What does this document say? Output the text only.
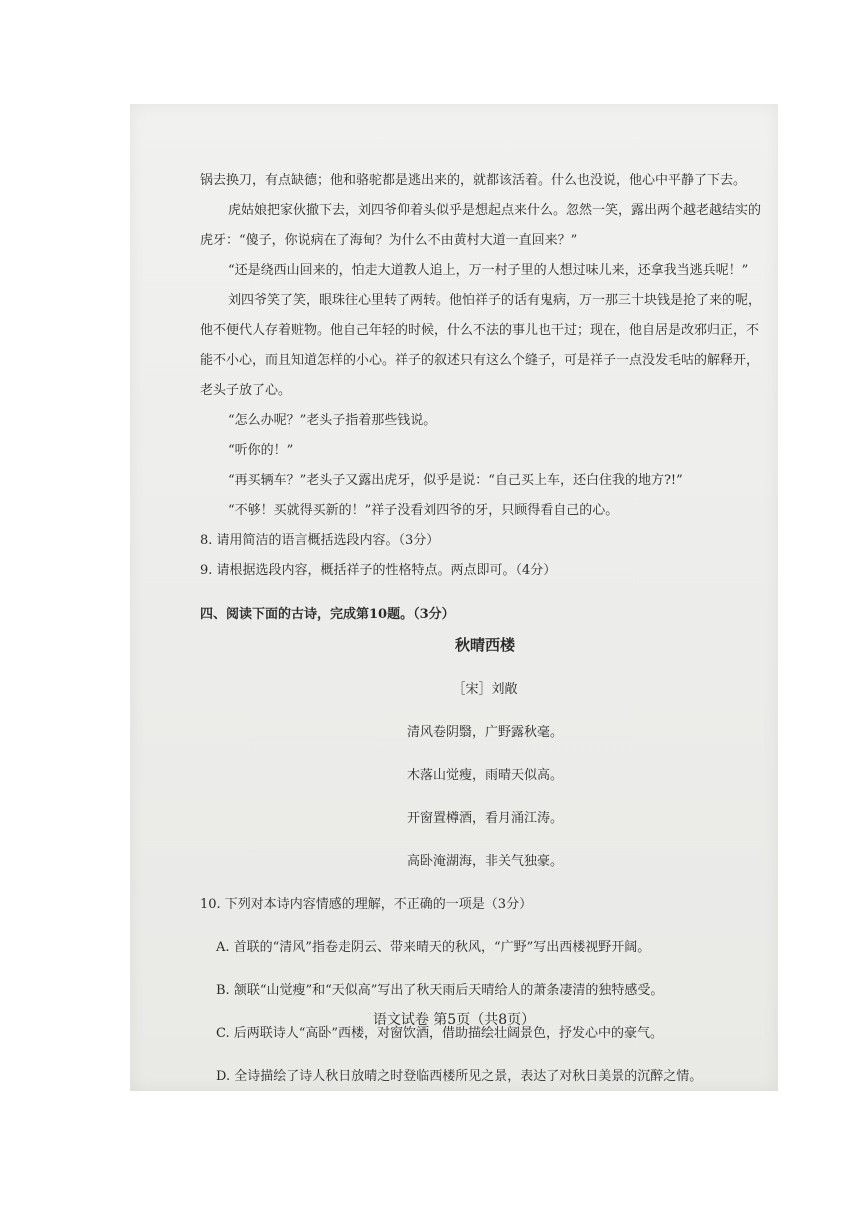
锅去换刀，有点缺德；他和骆驼都是逃出来的，就都该活着。什么也没说，他心中平静了下去。

虎姑娘把家伙撤下去，刘四爷仰着头似乎是想起点来什么。忽然一笑，露出两个越老越结实的虎牙：“傻子，你说病在了海甸？为什么不由黄村大道一直回来？”

“还是绕西山回来的，怕走大道教人追上，万一村子里的人想过味儿来，还拿我当逃兵呢！”

刘四爷笑了笑，眼珠往心里转了两转。他怕祥子的话有鬼病，万一那三十块钱是抢了来的呢，他不便代人存着赃物。他自己年轻的时候，什么不法的事儿也干过；现在，他自居是改邪归正，不能不小心，而且知道怎样的小心。祥子的叙述只有这么个缝子，可是祥子一点没发毛咕的解释开，老头子放了心。

“怎么办呢？”老头子指着那些钱说。

“听你的！”

“再买辆车？”老头子又露出虎牙，似乎是说：“自己买上车，还白住我的地方?!”

“不够！买就得买新的！”祥子没看刘四爷的牙，只顾得看自己的心。

8. 请用简洁的语言概括选段内容。（3分）

9. 请根据选段内容，概括祥子的性格特点。两点即可。（4分）

四、阅读下面的古诗，完成第10题。（3分）

秋晴西楼

［宋］刘敞

清风卷阴翳，广野露秋毫。

木落山觉瘦，雨晴天似高。

开窗置樽酒，看月涌江涛。

高卧淹湖海，非关气独豪。

10. 下列对本诗内容情感的理解，不正确的一项是（3分）

A. 首联的“清风”指卷走阴云、带来晴天的秋风，“广野”写出西楼视野开阔。

B. 颔联“山觉瘦”和“天似高”写出了秋天雨后天晴给人的萧条凄清的独特感受。

C. 后两联诗人“高卧”西楼，对窗饮酒，借助描绘壮阔景色，抒发心中的豪气。

D. 全诗描绘了诗人秋日放晴之时登临西楼所见之景，表达了对秋日美景的沉醉之情。

语文试卷 第5页（共8页）
